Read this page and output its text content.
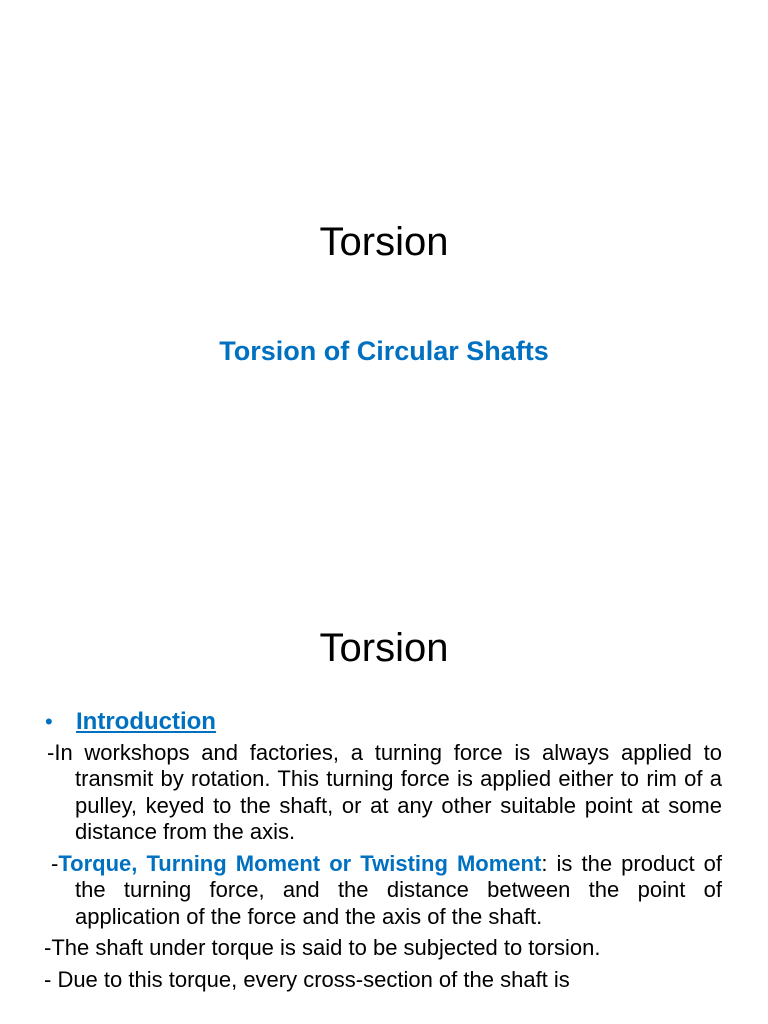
Torsion
Torsion of Circular Shafts
Torsion
• Introduction

-In workshops and factories, a turning force is always applied to transmit by rotation. This turning force is applied either to rim of a pulley, keyed to the shaft, or at any other suitable point at some distance from the axis.

-Torque, Turning Moment or Twisting Moment: is the product of the turning force, and the distance between the point of application of the force and the axis of the shaft.

-The shaft under torque is said to be subjected to torsion.

- Due to this torque, every cross-section of the shaft is
